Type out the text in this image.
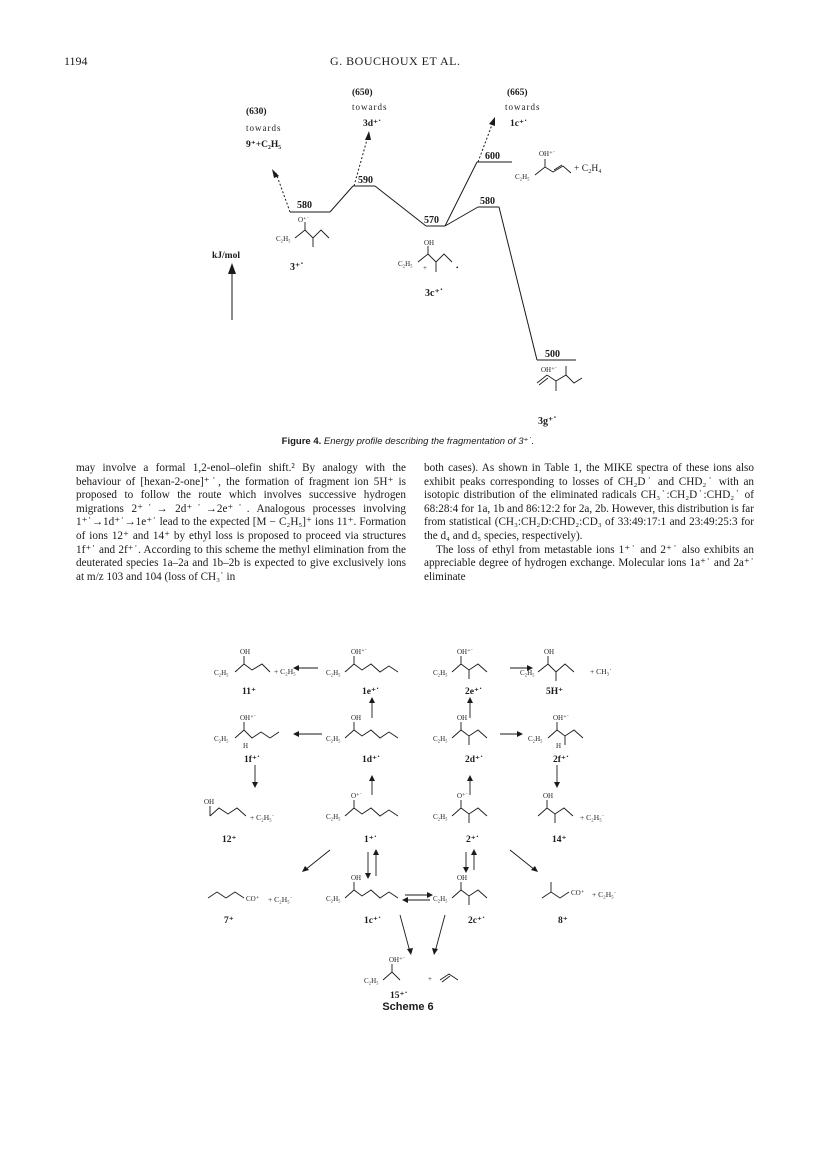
1194	G. BOUCHOUX ET AL.
580
590
570
600
580
500
(630)
towards
9⁺+C₂H₅
(650)
towards
3d⁺˙
(665)
towards
1c⁺˙
kJ/mol
3⁺˙
3c⁺˙
3g⁺˙
+ C₂H₄
O⁺˙
C₂H₅	OH
C₂H₅ +	•
OH⁺˙
C₂H₅
OH⁺˙
Figure 4. Energy profile describing the fragmentation of 3⁺˙.

may involve a formal 1,2-enol–olefin shift.² By analogy with the behaviour of [hexan-2-one]⁺˙, the formation of fragment ion 5H⁺ is proposed to follow the route which involves successive hydrogen migrations 2⁺˙→ 2d⁺˙→2e⁺˙. Analogous processes involving 1⁺˙→1d⁺˙→1e⁺˙ lead to the expected [M − C₂H₅]⁺ ions 11⁺. Formation of ions 12⁺ and 14⁺ by ethyl loss is proposed to proceed via structures 1f⁺˙ and 2f⁺˙. According to this scheme the methyl elimination from the deuterated species 1a–2a and 1b–2b is expected to give exclusively ions at m/z 103 and 104 (loss of CH₃˙ in

both cases). As shown in Table 1, the MIKE spectra of these ions also exhibit peaks corresponding to losses of CH₂D˙ and CHD₂˙ with an isotopic distribution of the eliminated radicals CH₃˙:CH₂D˙:CHD₂˙ of 68:28:4 for 1a, 1b and 86:12:2 for 2a, 2b. However, this distribution is far from statistical (CH₃:CH₂D:CHD₂:CD₃ of 33:49:17:1 and 23:49:25:3 for the d₄ and d₅ species, respectively).

The loss of ethyl from metastable ions 1⁺˙ and 2⁺˙ also exhibits an appreciable degree of hydrogen exchange. Molecular ions 1a⁺˙ and 2a⁺˙ eliminate

OH
C₂H₅
OH⁺˙
C₂H₅
OH⁺˙
C₂H₅
OH
C₂H₅
OH⁺˙
C₂H₅
H
OH
C₂H₅
OH
C₂H₅
OH⁺˙
C₂H₅
H
OH
O⁺˙
C₂H₅
O⁺˙
C₂H₅
OH
CO⁺
OH
C₂H₅
OH
C₂H₅
CO⁺
OH⁺˙
C₂H₅	+
11⁺	1e⁺˙	2e⁺˙	5H⁺
1f⁺˙	1d⁺˙	2d⁺˙	2f⁺˙
12⁺	1⁺˙	2⁺˙	14⁺
7⁺	1c⁺˙	2c⁺˙	8⁺
15⁺˙
+ C₂H₅˙	+ CH₃˙
+ C₂H₅˙	+ C₂H₅˙
+ C₂H₅˙
+ C₂H₅˙
Scheme 6
